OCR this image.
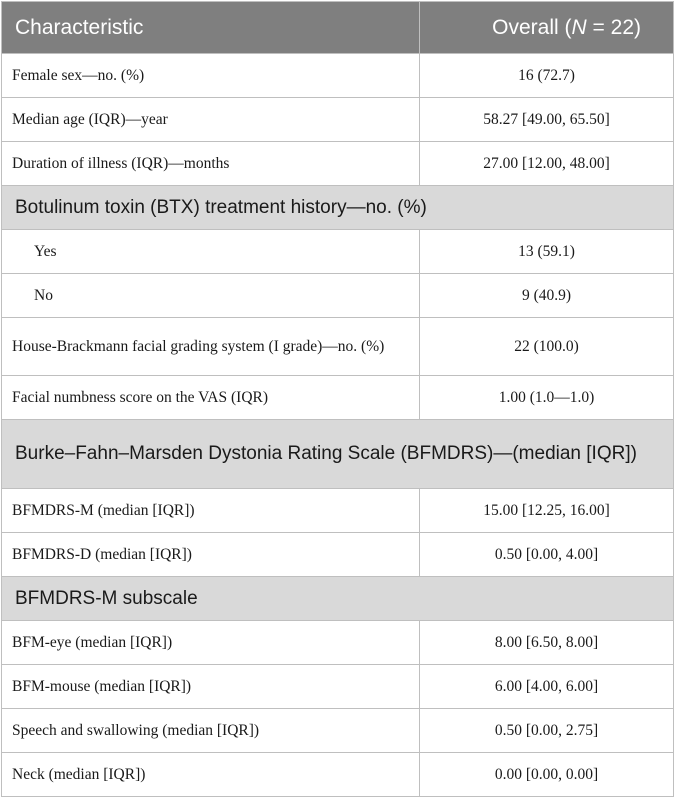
Characteristic	Overall (N = 22)
Female sex—no. (%)	16 (72.7)
Median age (IQR)—year	58.27 [49.00, 65.50]
Duration of illness (IQR)—months	27.00 [12.00, 48.00]
Botulinum toxin (BTX) treatment history—no. (%)	
Yes	13 (59.1)
No	9 (40.9)
House-Brackmann facial grading system (I grade)—no. (%)	22 (100.0)
Facial numbness score on the VAS (IQR)	1.00 (1.0—1.0)
Burke–Fahn–Marsden Dystonia Rating Scale (BFMDRS)—(median [IQR])	
BFMDRS-M (median [IQR])	15.00 [12.25, 16.00]
BFMDRS-D (median [IQR])	0.50 [0.00, 4.00]
BFMDRS-M subscale	
BFM-eye (median [IQR])	8.00 [6.50, 8.00]
BFM-mouse (median [IQR])	6.00 [4.00, 6.00]
Speech and swallowing (median [IQR])	0.50 [0.00, 2.75]
Neck (median [IQR])	0.00 [0.00, 0.00]
